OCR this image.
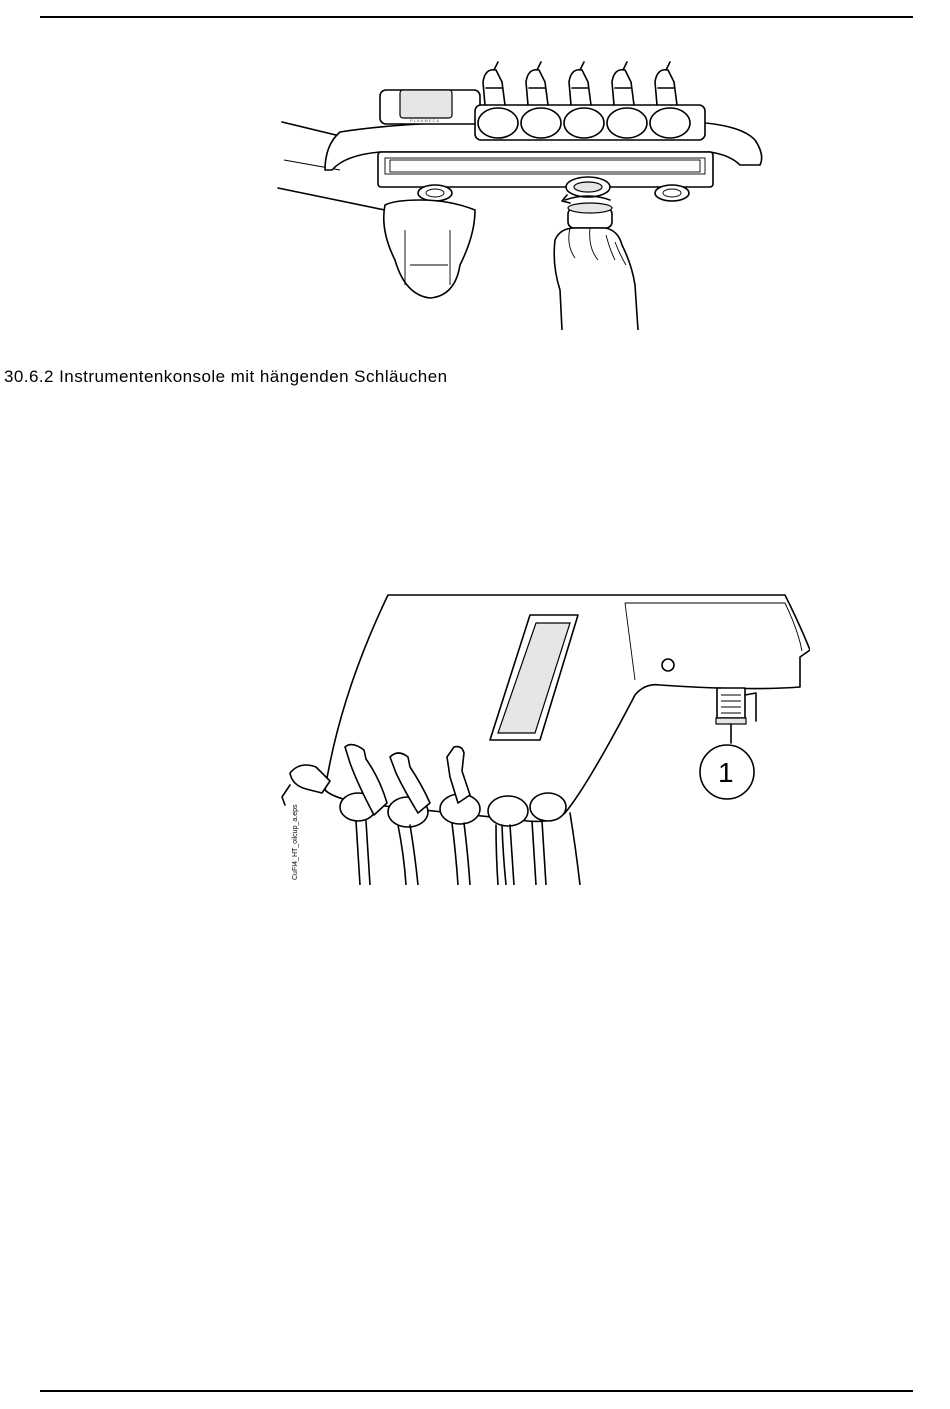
PLANMECA
30.6.2 Instrumentenkonsole mit hängenden Schläuchen
1
CuFI4_HT_oilcup_a.eps
